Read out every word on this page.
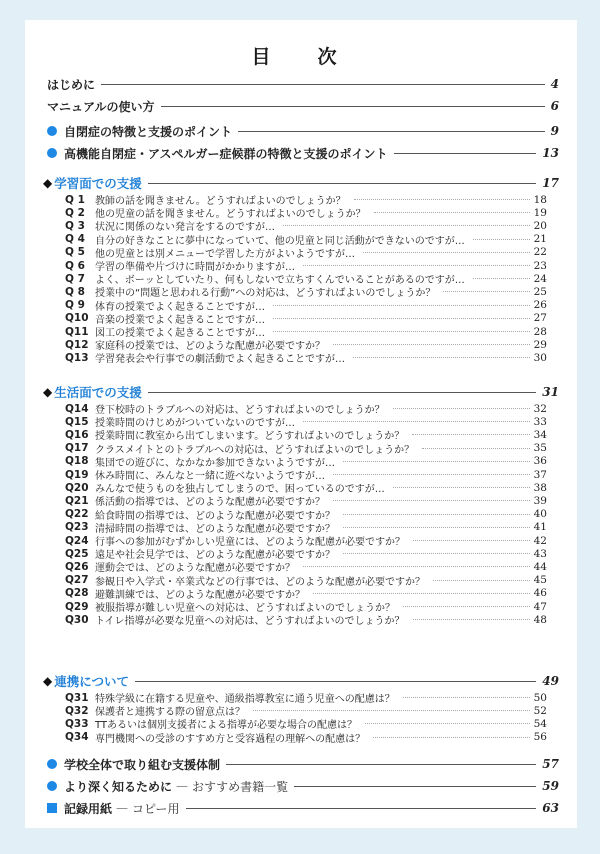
目　次
はじめに	4
マニュアルの使い方	6
自閉症の特徴と支援のポイント	9
高機能自閉症・アスペルガー症候群の特徴と支援のポイント	13
◆ 学習面での支援	17
Q 1	教師の話を聞きません。どうすればよいのでしょうか？	18
Q 2	他の児童の話を聞きません。どうすればよいのでしょうか？	19
Q 3	状況に関係のない発言をするのですが…	20
Q 4	自分の好きなことに夢中になっていて、他の児童と同じ活動ができないのですが…	21
Q 5	他の児童とは別メニューで学習した方がよいようですが…	22
Q 6	学習の準備や片づけに時間がかかりますが…	23
Q 7	よく、ボーッとしていたり、何もしないで立ちすくんでいることがあるのですが…	24
Q 8	授業中の“問題と思われる行動”への対応は、どうすればよいのでしょうか？	25
Q 9	体育の授業でよく起きることですが…	26
Q10 音楽の授業でよく起きることですが…	27
Q11 図工の授業でよく起きることですが…	28
Q12 家庭科の授業では、どのような配慮が必要ですか？	29
Q13 学習発表会や行事での劇活動でよく起きることですが…	30
◆ 生活面での支援	31
Q14 登下校時のトラブルへの対応は、どうすればよいのでしょうか？	32
Q15 授業時間のけじめがついていないのですが…	33
Q16 授業時間に教室から出てしまいます。どうすればよいのでしょうか？	34
Q17 クラスメイトとのトラブルへの対応は、どうすればよいのでしょうか？	35
Q18 集団での遊びに、なかなか参加できないようですが…	36
Q19 休み時間に、みんなと一緒に遊べないようですが…	37
Q20 みんなで使うものを独占してしまうので、困っているのですが…	38
Q21 係活動の指導では、どのような配慮が必要ですか？	39
Q22 給食時間の指導では、どのような配慮が必要ですか？	40
Q23 清掃時間の指導では、どのような配慮が必要ですか？	41
Q24 行事への参加がむずかしい児童には、どのような配慮が必要ですか？	42
Q25 遠足や社会見学では、どのような配慮が必要ですか？	43
Q26 運動会では、どのような配慮が必要ですか？	44
Q27 参観日や入学式・卒業式などの行事では、どのような配慮が必要ですか？	45
Q28 避難訓練では、どのような配慮が必要ですか？	46
Q29 被服指導が難しい児童への対応は、どうすればよいのでしょうか？	47
Q30 トイレ指導が必要な児童への対応は、どうすればよいのでしょうか？	48
◆ 連携について	49
Q31 特殊学級に在籍する児童や、通級指導教室に通う児童への配慮は？	50
Q32 保護者と連携する際の留意点は？	52
Q33 TTあるいは個別支援者による指導が必要な場合の配慮は？	54
Q34 専門機関への受診のすすめ方と受容過程の理解への配慮は？	56
学校全体で取り組む支援体制	57
より深く知るために — おすすめ書籍一覧	59
記録用紙 — コピー用	63
